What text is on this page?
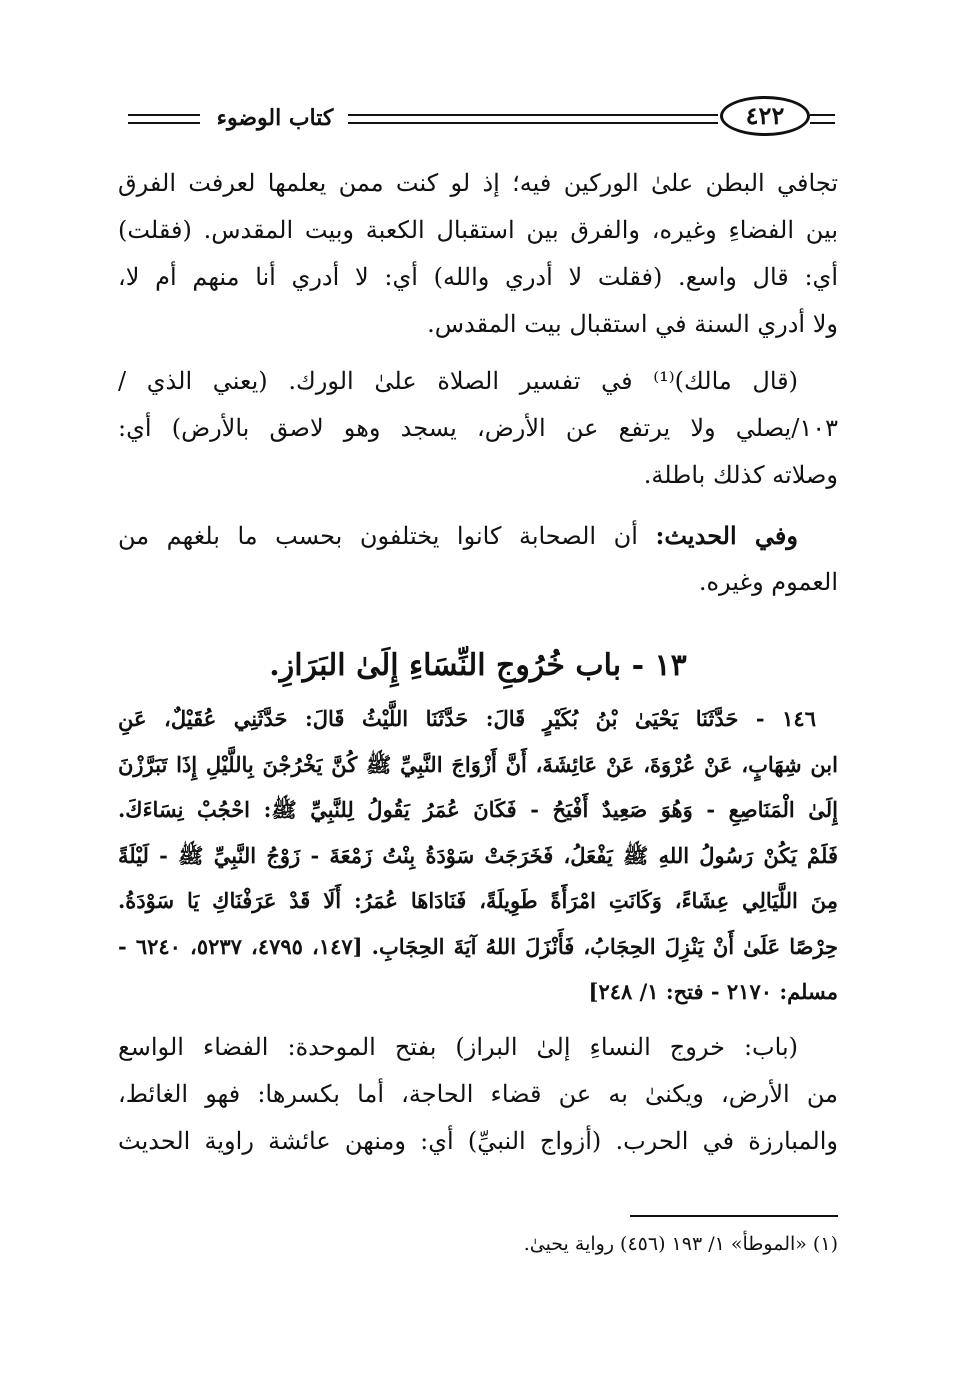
كتاب الوضوء	٤٢٢
تجافي البطن علىٰ الوركين فيه؛ إذ لو كنت ممن يعلمها لعرفت الفرق
بين الفضاءِ وغيره، والفرق بين استقبال الكعبة وبيت المقدس. (فقلت)
أي: قال واسع. (فقلت لا أدري والله) أي: لا أدري أنا منهم أم لا،
ولا أدري السنة في استقبال بيت المقدس.
(قال مالك)⁽¹⁾ في تفسير الصلاة علىٰ الورك. (يعني الذي /
١٠٣/يصلي ولا يرتفع عن الأرض، يسجد وهو لاصق بالأرض) أي:
وصلاته كذلك باطلة.
وفي الحديث: أن الصحابة كانوا يختلفون بحسب ما بلغهم من
العموم وغيره.
١٣ - باب خُرُوجِ النِّسَاءِ إِلَىٰ البَرَازِ.
١٤٦ - حَدَّثَنَا يَحْيَىٰ بْنُ بُكَيْرٍ قَالَ: حَدَّثَنَا اللَّيْثُ قَالَ: حَدَّثَنِي عُقَيْلٌ، عَنِ
ابن شِهَابٍ، عَنْ عُرْوَةَ، عَنْ عَائِشَةَ، أَنَّ أَزْوَاجَ النَّبِيِّ ﷺ كُنَّ يَخْرُجْنَ بِاللَّيْلِ إِذَا تَبَرَّزْنَ
إِلَىٰ الْمَنَاصِعِ - وَهُوَ صَعِيدٌ أَفْيَحُ - فَكَانَ عُمَرُ يَقُولُ لِلنَّبِيِّ ﷺ: احْجُبْ نِسَاءَكَ.
فَلَمْ يَكُنْ رَسُولُ اللهِ ﷺ يَفْعَلُ، فَخَرَجَتْ سَوْدَةُ بِنْتُ زَمْعَةَ - زَوْجُ النَّبِيِّ ﷺ - لَيْلَةً
مِنَ اللَّيَالِي عِشَاءً، وَكَانَتِ امْرَأَةً طَوِيلَةً، فَنَادَاهَا عُمَرُ: أَلَا قَدْ عَرَفْنَاكِ يَا سَوْدَةُ.
حِرْصًا عَلَىٰ أَنْ يَنْزِلَ الحِجَابُ، فَأَنْزَلَ اللهُ آيَةَ الحِجَابِ. [١٤٧، ٤٧٩٥، ٥٢٣٧، ٦٢٤٠ -
مسلم: ٢١٧٠ - فتح: ١/ ٢٤٨]
(باب: خروج النساءِ إلىٰ البراز) بفتح الموحدة: الفضاء الواسع
من الأرض، ويكنىٰ به عن قضاء الحاجة، أما بكسرها: فهو الغائط،
والمبارزة في الحرب. (أزواج النبيِّ) أي: ومنهن عائشة راوية الحديث
(١) «الموطأ» ١/ ١٩٣ (٤٥٦) رواية يحيىٰ.
